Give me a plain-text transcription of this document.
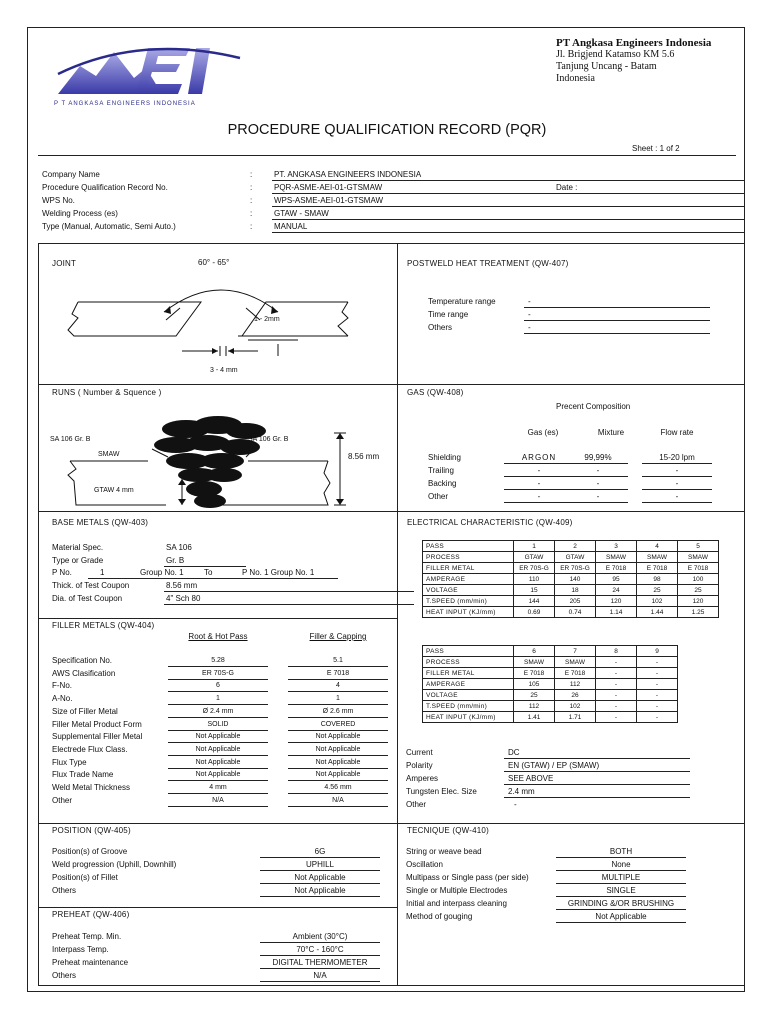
P T ANGKASA ENGINEERS INDONESIA
PT Angkasa Engineers Indonesia
Jl. Brigjend Katamso KM 5.6
Tanjung Uncang - Batam
Indonesia
PROCEDURE QUALIFICATION RECORD (PQR)
Sheet : 1 of 2
Company Name	:	PT. ANGKASA ENGINEERS INDONESIA
Procedure Qualification Record No.	:	PQR-ASME-AEI-01-GTSMAW	Date :
WPS No.	:	WPS-ASME-AEI-01-GTSMAW
Welding Process (es)	:	GTAW - SMAW
Type (Manual, Automatic, Semi Auto.)	:	MANUAL
JOINT	60° - 65°
1 - 2mm
3 - 4 mm
POSTWELD HEAT TREATMENT (QW-407)
Temperature range	-
Time range	-
Others	-
RUNS ( Number & Squence )
SA 106 Gr. B	SA 106 Gr. B
SMAW
GTAW 4 mm
8.56 mm
GAS (QW-408)
Precent Composition
Gas (es)	Mixture	Flow rate
Shielding	ARGON	99,99%	15-20 lpm
Trailing	-	-	-
Backing	-	-	-
Other	-	-	-
BASE METALS (QW-403)
Material Spec.	SA 106
Type or Grade	Gr. B
P No.	1	Group No. 1	To	P No. 1 Group No. 1
Thick. of Test Coupon	8.56 mm
Dia. of Test Coupon	4" Sch 80
FILLER METALS (QW-404)
Root & Hot Pass	Filler & Capping
Specification No.	5.28	5.1
AWS Clasification	ER 70S-G	E 7018
F-No.	6	4
A-No.	1	1
Size of Filler Metal	Ø 2.4 mm	Ø 2.6 mm
Filler Metal Product Form	SOLID	COVERED
Supplemental Filler Metal	Not Applicable	Not Applicable
Electrede Flux Class.	Not Applicable	Not Applicable
Flux Type	Not Applicable	Not Applicable
Flux Trade Name	Not Applicable	Not Applicable
Weld Metal Thickness	4 mm	4.56 mm
Other	N/A	N/A
ELECTRICAL CHARACTERISTIC (QW-409)
PASS	1	2	3	4	5
PROCESS	GTAW	GTAW	SMAW	SMAW	SMAW
FILLER METAL	ER 70S-G	ER 70S-G	E 7018	E 7018	E 7018
AMPERAGE	110	140	95	98	100
VOLTAGE	15	18	24	25	25
T.SPEED (mm/min)	144	205	120	102	120
HEAT INPUT (KJ/mm)	0.69	0.74	1.14	1.44	1.25
PASS	6	7	8	9
PROCESS	SMAW	SMAW	-	-
FILLER METAL	E 7018	E 7018	-	-
AMPERAGE	105	112	-	-
VOLTAGE	25	26	-	-
T.SPEED (mm/min)	112	102	-	-
HEAT INPUT (KJ/mm)	1.41	1.71	-	-
Current	DC
Polarity	EN (GTAW) / EP (SMAW)
Amperes	SEE ABOVE
Tungsten Elec. Size	2.4 mm
Other	-
POSITION (QW-405)
Position(s) of Groove	6G
Weld progression (Uphill, Downhill)	UPHILL
Position(s) of Fillet	Not Applicable
Others	Not Applicable
TECNIQUE (QW-410)
String or weave bead	BOTH
Oscillation	None
Multipass or Single pass (per side)	MULTIPLE
Single or Multiple Electrodes	SINGLE
Initial and interpass cleaning	GRINDING &/OR BRUSHING
Method of gouging	Not Applicable
PREHEAT (QW-406)
Preheat Temp. Min.	Ambient (30°C)
Interpass Temp.	70°C - 160°C
Preheat maintenance	DIGITAL THERMOMETER
Others	N/A
